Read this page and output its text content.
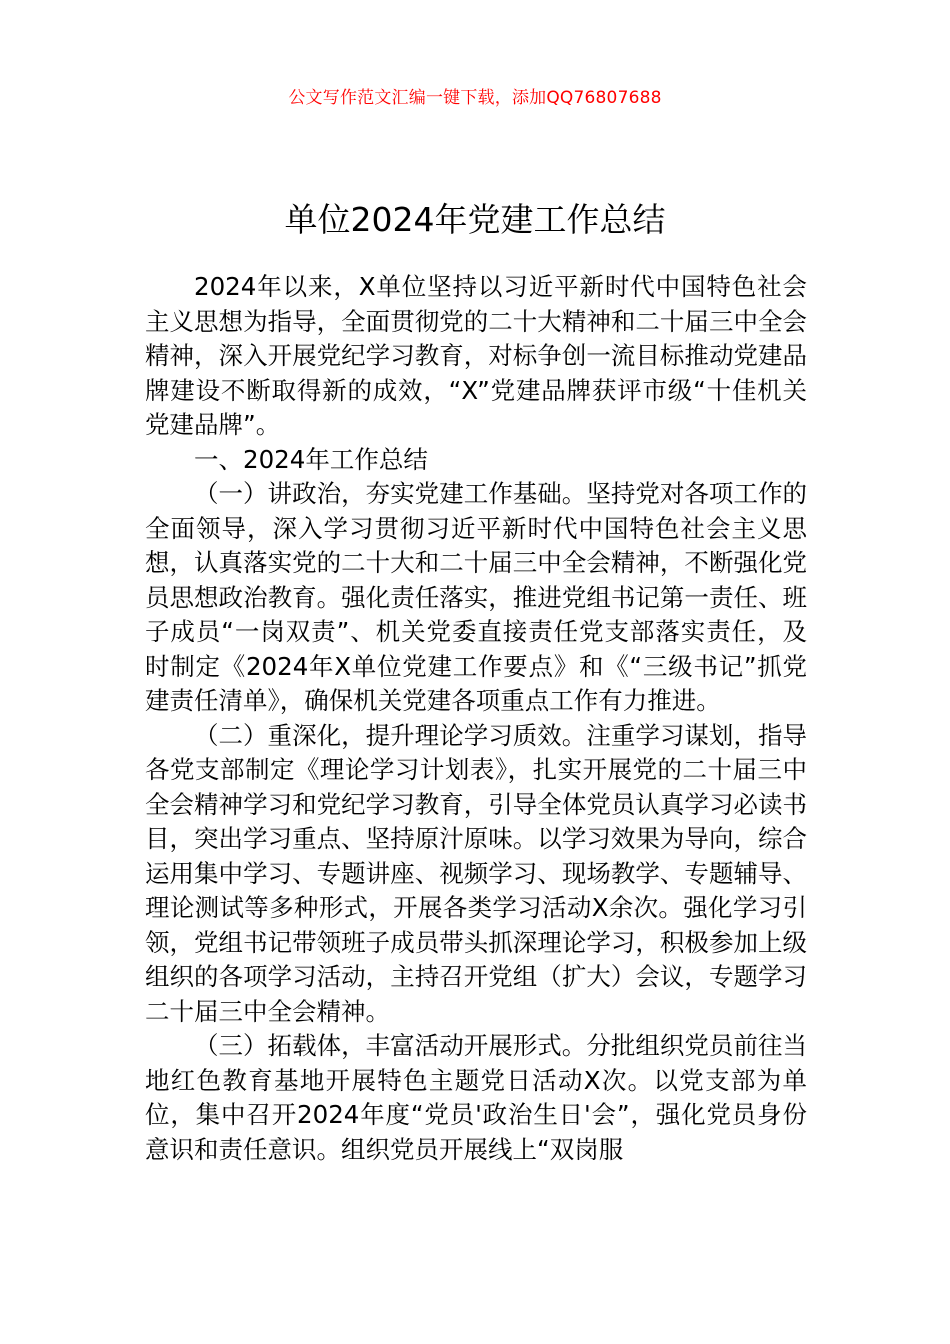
公文写作范文汇编一键下载，添加QQ76807688
单位2024年党建工作总结

2024年以来，X单位坚持以习近平新时代中国特色社会主义思想为指导，全面贯彻党的二十大精神和二十届三中全会精神，深入开展党纪学习教育，对标争创一流目标推动党建品牌建设不断取得新的成效，“X”党建品牌获评市级“十佳机关党建品牌”。

一、2024年工作总结

（一）讲政治，夯实党建工作基础。坚持党对各项工作的全面领导，深入学习贯彻习近平新时代中国特色社会主义思想，认真落实党的二十大和二十届三中全会精神，不断强化党员思想政治教育。强化责任落实，推进党组书记第一责任、班子成员“一岗双责”、机关党委直接责任党支部落实责任，及时制定《2024年X单位党建工作要点》和《“三级书记”抓党建责任清单》，确保机关党建各项重点工作有力推进。

（二）重深化，提升理论学习质效。注重学习谋划，指导各党支部制定《理论学习计划表》，扎实开展党的二十届三中全会精神学习和党纪学习教育，引导全体党员认真学习必读书目，突出学习重点、坚持原汁原味。以学习效果为导向，综合运用集中学习、专题讲座、视频学习、现场教学、专题辅导、理论测试等多种形式，开展各类学习活动X余次。强化学习引领，党组书记带领班子成员带头抓深理论学习，积极参加上级组织的各项学习活动，主持召开党组（扩大）会议，专题学习二十届三中全会精神。

（三）拓载体，丰富活动开展形式。分批组织党员前往当地红色教育基地开展特色主题党日活动X次。以党支部为单位，集中召开2024年度“党员'政治生日'会”，强化党员身份意识和责任意识。组织党员开展线上“双岗服
